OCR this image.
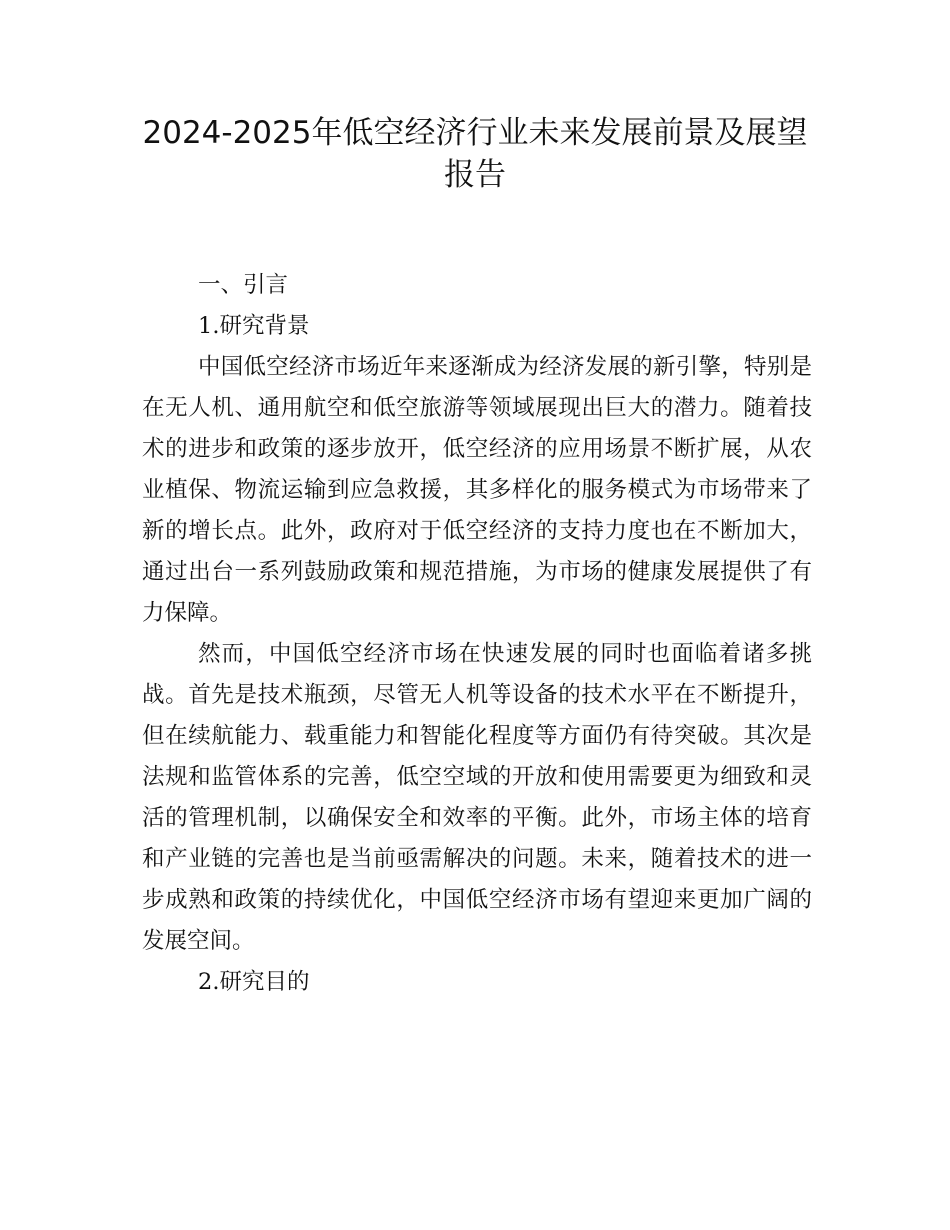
2024-2025年低空经济行业未来发展前景及展望
报告

一、引言

1.研究背景

中国低空经济市场近年来逐渐成为经济发展的新引擎，特别是在无人机、通用航空和低空旅游等领域展现出巨大的潜力。随着技术的进步和政策的逐步放开，低空经济的应用场景不断扩展，从农业植保、物流运输到应急救援，其多样化的服务模式为市场带来了新的增长点。此外，政府对于低空经济的支持力度也在不断加大，通过出台一系列鼓励政策和规范措施，为市场的健康发展提供了有力保障。

然而，中国低空经济市场在快速发展的同时也面临着诸多挑战。首先是技术瓶颈，尽管无人机等设备的技术水平在不断提升，但在续航能力、载重能力和智能化程度等方面仍有待突破。其次是法规和监管体系的完善，低空空域的开放和使用需要更为细致和灵活的管理机制，以确保安全和效率的平衡。此外，市场主体的培育和产业链的完善也是当前亟需解决的问题。未来，随着技术的进一步成熟和政策的持续优化，中国低空经济市场有望迎来更加广阔的发展空间。

2.研究目的
